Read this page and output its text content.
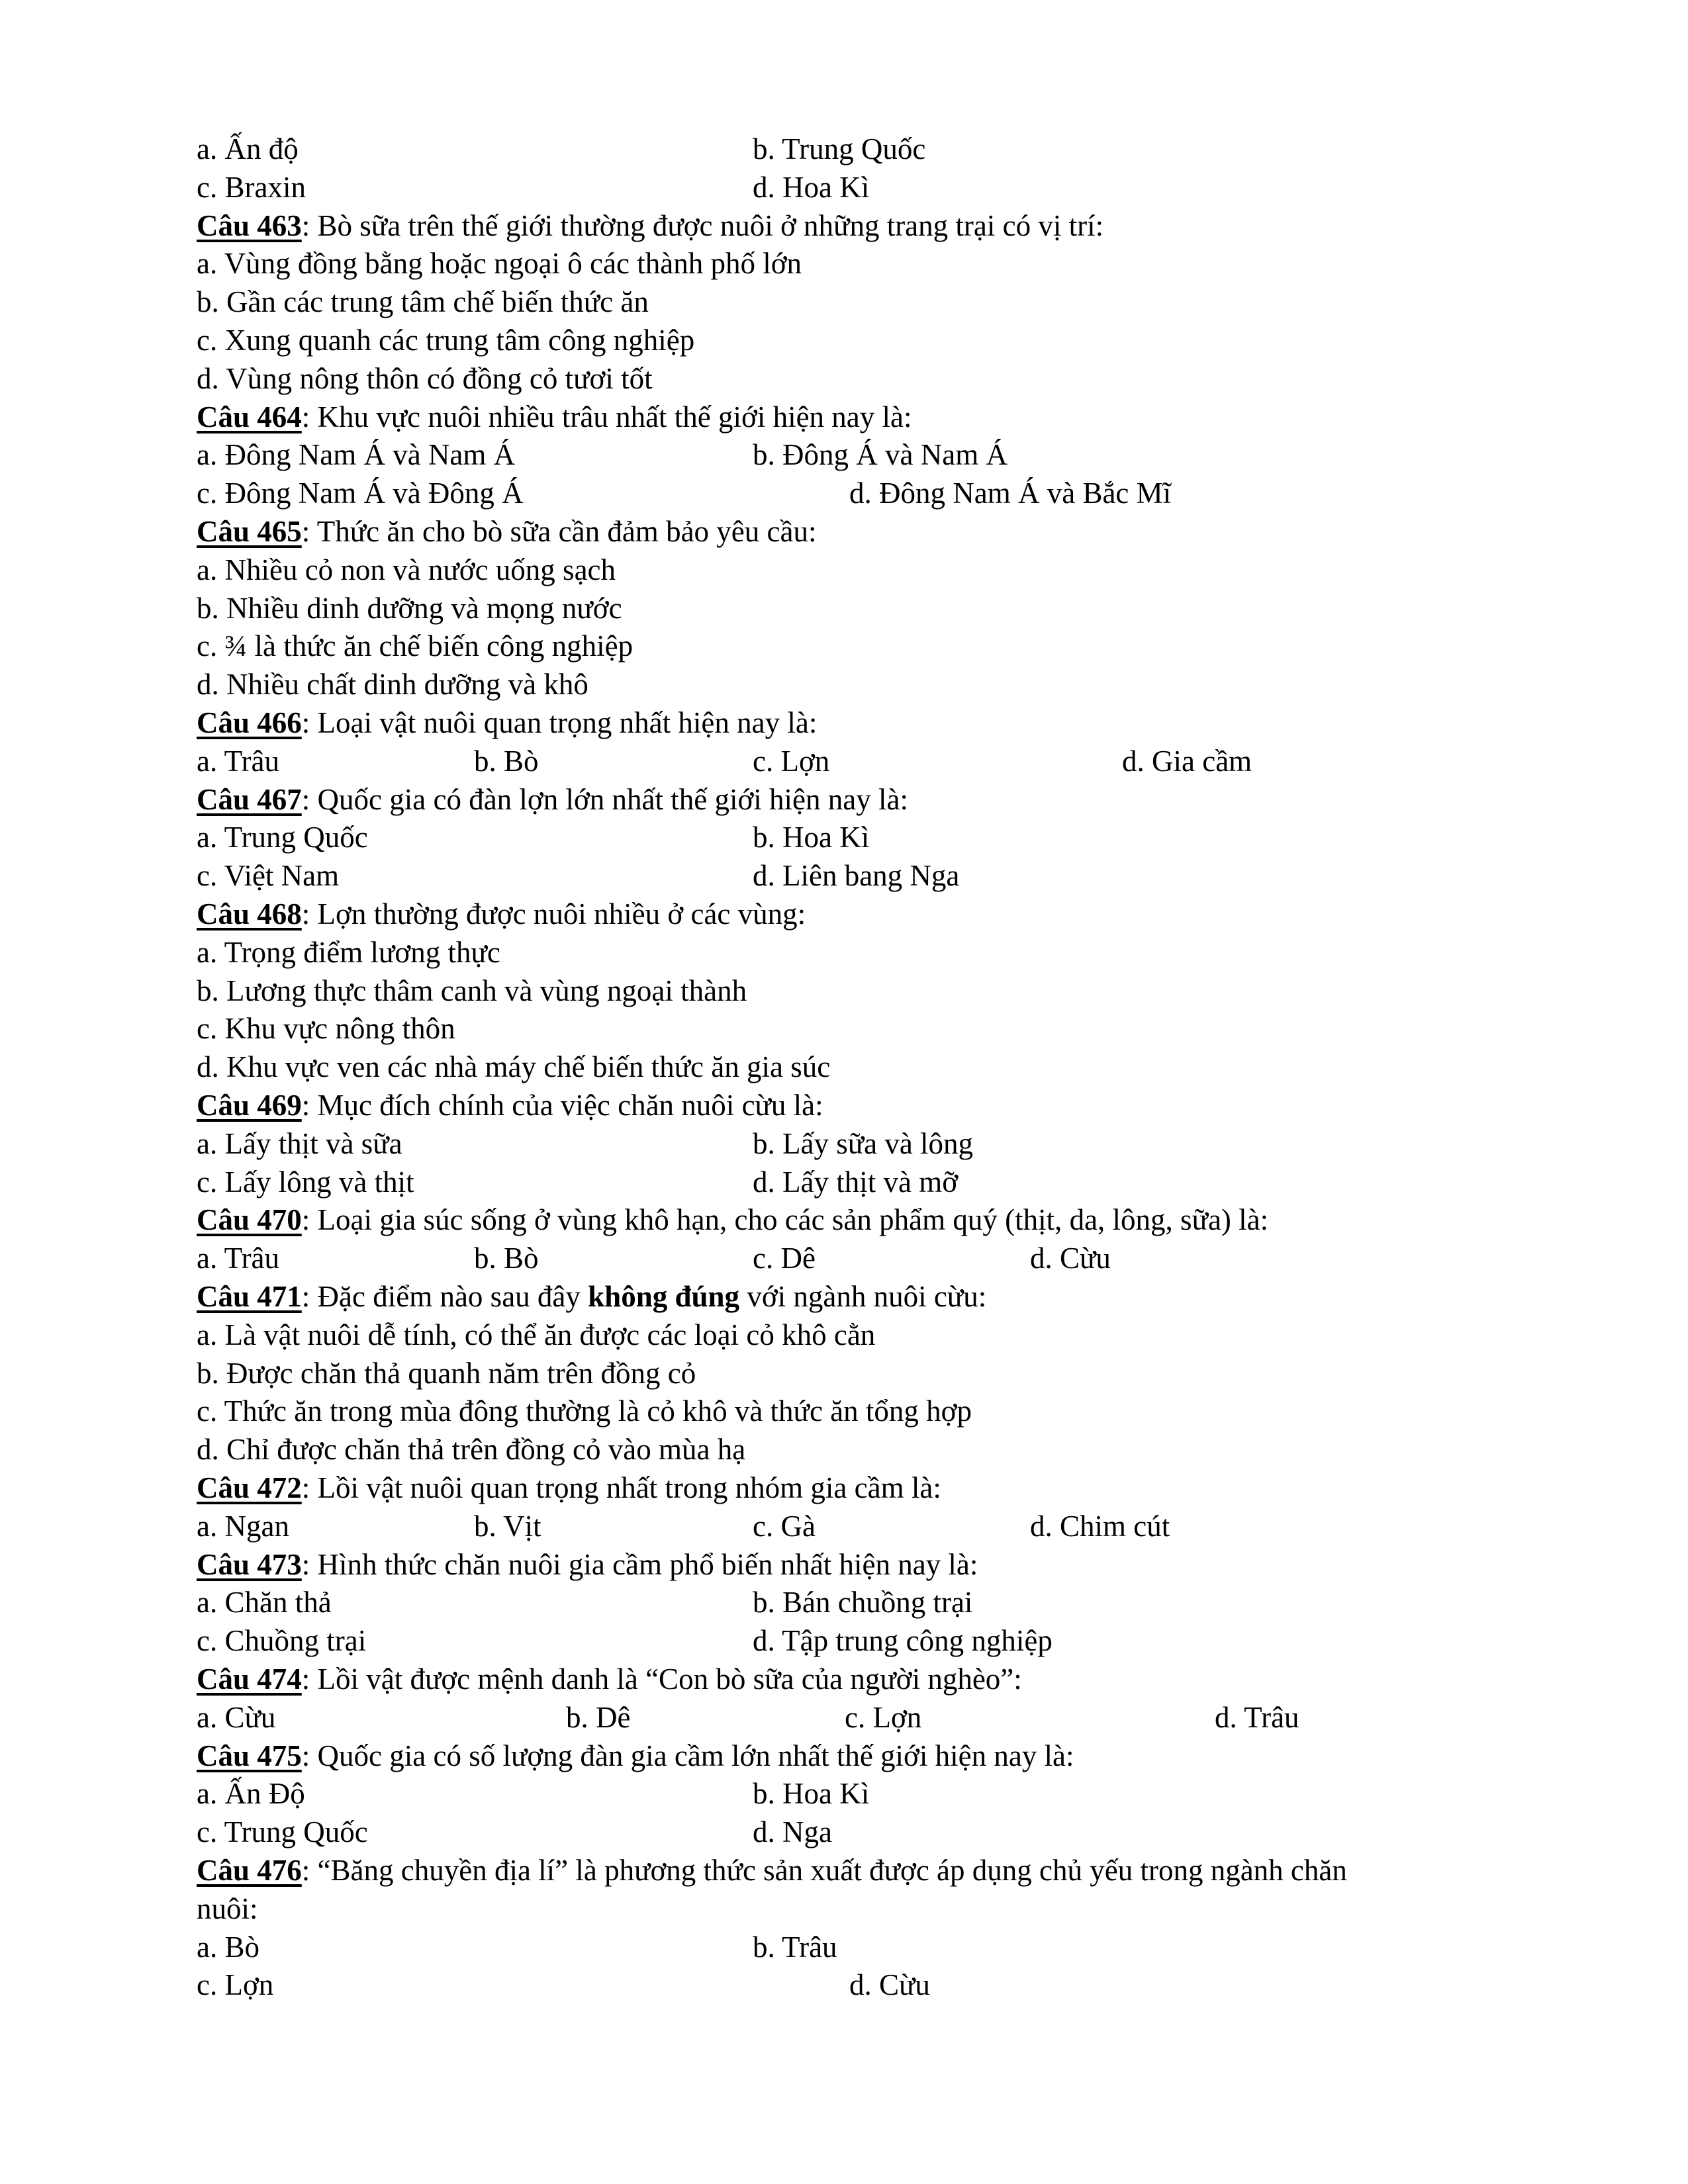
a. Ấn độ	b. Trung Quốc
c. Braxin	d. Hoa Kì
Câu 463: Bò sữa trên thế giới thường được nuôi ở những trang trại có vị trí:
a. Vùng đồng bằng hoặc ngoại ô các thành phố lớn
b. Gần các trung tâm chế biến thức ăn
c. Xung quanh các trung tâm công nghiệp
d. Vùng nông thôn có đồng cỏ tươi tốt
Câu 464: Khu vực nuôi nhiều trâu nhất thế giới hiện nay là:
a. Đông Nam Á và Nam Á	b. Đông Á và Nam Á
c. Đông Nam Á và Đông Á	d. Đông Nam Á và Bắc Mĩ
Câu 465: Thức ăn cho bò sữa cần đảm bảo yêu cầu:
a. Nhiều cỏ non và nước uống sạch
b. Nhiều dinh dưỡng và mọng nước
c. ¾ là thức ăn chế biến công nghiệp
d. Nhiều chất dinh dưỡng và khô
Câu 466: Loại vật nuôi quan trọng nhất hiện nay là:
a. Trâu	b. Bò	c. Lợn	d. Gia cầm
Câu 467: Quốc gia có đàn lợn lớn nhất thế giới hiện nay là:
a. Trung Quốc	b. Hoa Kì
c. Việt Nam	d. Liên bang Nga
Câu 468: Lợn thường được nuôi nhiều ở các vùng:
a. Trọng điểm lương thực
b. Lương thực thâm canh và vùng ngoại thành
c. Khu vực nông thôn
d. Khu vực ven các nhà máy chế biến thức ăn gia súc
Câu 469: Mục đích chính của việc chăn nuôi cừu là:
a. Lấy thịt và sữa	b. Lấy sữa và lông
c. Lấy lông và thịt	d. Lấy thịt và mỡ
Câu 470: Loại gia súc sống ở vùng khô hạn, cho các sản phẩm quý (thịt, da, lông, sữa) là:
a. Trâu	b. Bò	c. Dê	d. Cừu
Câu 471: Đặc điểm nào sau đây không đúng với ngành nuôi cừu:
a. Là vật nuôi dễ tính, có thể ăn được các loại cỏ khô cằn
b. Được chăn thả quanh năm trên đồng cỏ
c. Thức ăn trong mùa đông thường là cỏ khô và thức ăn tổng hợp
d. Chỉ được chăn thả trên đồng cỏ vào mùa hạ
Câu 472: Lồi vật nuôi quan trọng nhất trong nhóm gia cầm là:
a. Ngan	b. Vịt	c. Gà	d. Chim cút
Câu 473: Hình thức chăn nuôi gia cầm phổ biến nhất hiện nay là:
a. Chăn thả	b. Bán chuồng trại
c. Chuồng trại	d. Tập trung công nghiệp
Câu 474: Lồi vật được mệnh danh là “Con bò sữa của người nghèo”:
a. Cừu	b. Dê	c. Lợn	d. Trâu
Câu 475: Quốc gia có số lượng đàn gia cầm lớn nhất thế giới hiện nay là:
a. Ấn Độ	b. Hoa Kì
c. Trung Quốc	d. Nga
Câu 476: “Băng chuyền địa lí” là phương thức sản xuất được áp dụng chủ yếu trong ngành chăn
nuôi:
a. Bò	b. Trâu
c. Lợn	d. Cừu
